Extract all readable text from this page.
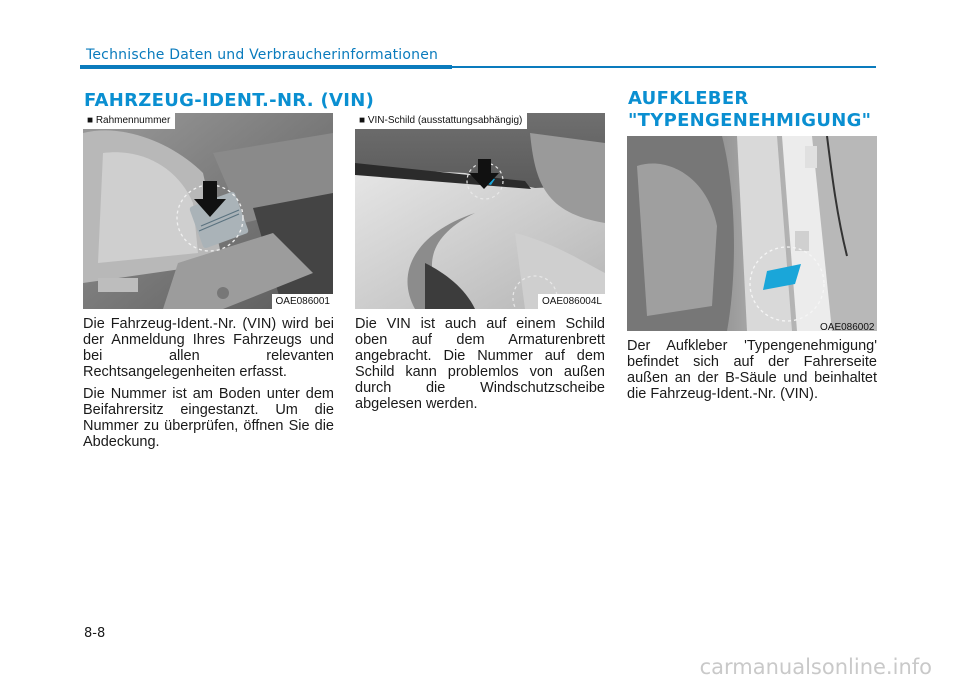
Technische Daten und Verbraucherinformationen
FAHRZEUG-IDENT.-NR. (VIN)	AUFKLEBER
"TYPENGENEHMIGUNG"
■ Rahmennummer
OAE086001
■ VIN-Schild (ausstattungsabhängig)
OAE086004L
OAE086002

Die Fahrzeug-Ident.-Nr. (VIN) wird bei der Anmeldung Ihres Fahrzeugs und bei allen relevanten Rechtsangelegenheiten erfasst.

Die Nummer ist am Boden unter dem Beifahrersitz eingestanzt. Um die Nummer zu überprüfen, öffnen Sie die Abdeckung.

Die VIN ist auch auf einem Schild oben auf dem Armaturenbrett angebracht. Die Nummer auf dem Schild kann problemlos von außen durch die Windschutzscheibe abgelesen werden.

Der Aufkleber 'Typengenehmigung' befindet sich auf der Fahrerseite außen an der B-Säule und beinhaltet die Fahrzeug-Ident.-Nr. (VIN).

8-8
carmanualsonline.info
